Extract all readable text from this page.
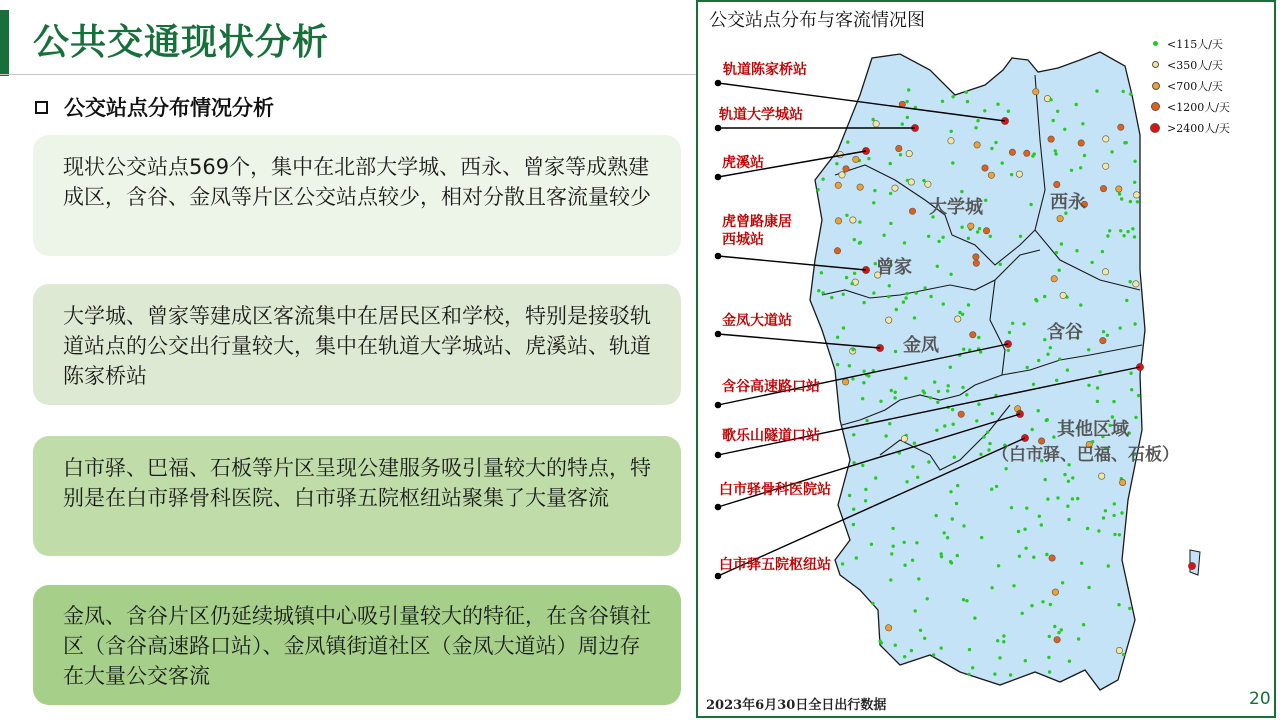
公共交通现状分析
公交站点分布情况分析
现状公交站点569个，集中在北部大学城、西永、曾家等成熟建成区，含谷、金凤等片区公交站点较少，相对分散且客流量较少
大学城、曾家等建成区客流集中在居民区和学校，特别是接驳轨道站点的公交出行量较大，集中在轨道大学城站、虎溪站、轨道陈家桥站
白市驿、巴福、石板等片区呈现公建服务吸引量较大的特点，特别是在白市驿骨科医院、白市驿五院枢纽站聚集了大量客流
金凤、含谷片区仍延续城镇中心吸引量较大的特征，在含谷镇社区（含谷高速路口站）、金凤镇街道社区（金凤大道站）周边存在大量公交客流
公交站点分布与客流情况图
<115人/天
<350人/天
<700人/天
<1200人/天
>2400人/天
轨道陈家桥站
轨道大学城站
虎溪站
虎曾路康居
西城站
金凤大道站
含谷高速路口站
歌乐山隧道口站
白市驿骨科医院站
白市驿五院枢纽站
大学城	西永
曾家
金凤
含谷
其他区域
（白市驿、巴福、石板）
2023年6月30日全日出行数据	20
